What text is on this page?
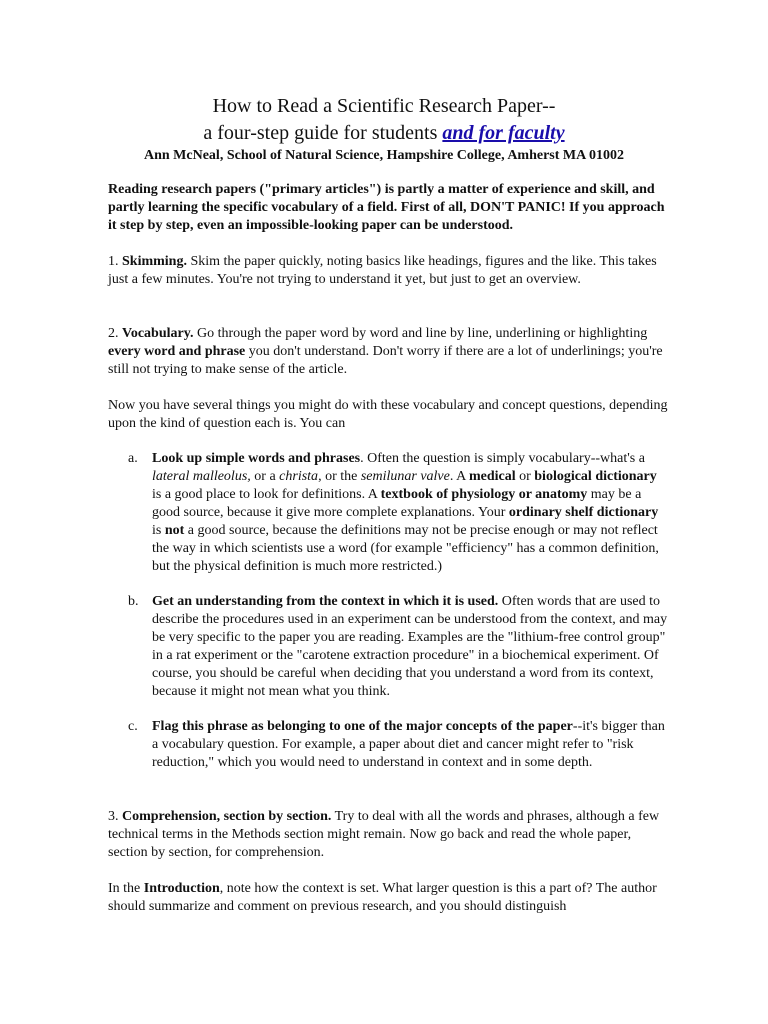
How to Read a Scientific Research Paper--
a four-step guide for students and for faculty
Ann McNeal, School of Natural Science, Hampshire College, Amherst MA 01002

Reading research papers ("primary articles") is partly a matter of experience and skill, and partly learning the specific vocabulary of a field. First of all, DON'T PANIC! If you approach it step by step, even an impossible-looking paper can be understood.

1. Skimming. Skim the paper quickly, noting basics like headings, figures and the like. This takes just a few minutes. You're not trying to understand it yet, but just to get an overview.

2. Vocabulary. Go through the paper word by word and line by line, underlining or highlighting every word and phrase you don't understand. Don't worry if there are a lot of underlinings; you're still not trying to make sense of the article.

Now you have several things you might do with these vocabulary and concept questions, depending upon the kind of question each is. You can

a. Look up simple words and phrases. Often the question is simply vocabulary--what's a lateral malleolus, or a christa, or the semilunar valve. A medical or biological dictionary is a good place to look for definitions. A textbook of physiology or anatomy may be a good source, because it give more complete explanations. Your ordinary shelf dictionary is not a good source, because the definitions may not be precise enough or may not reflect the way in which scientists use a word (for example "efficiency" has a common definition, but the physical definition is much more restricted.)
b. Get an understanding from the context in which it is used. Often words that are used to describe the procedures used in an experiment can be understood from the context, and may be very specific to the paper you are reading. Examples are the "lithium-free control group" in a rat experiment or the "carotene extraction procedure" in a biochemical experiment. Of course, you should be careful when deciding that you understand a word from its context, because it might not mean what you think.
c. Flag this phrase as belonging to one of the major concepts of the paper--it's bigger than a vocabulary question. For example, a paper about diet and cancer might refer to "risk reduction," which you would need to understand in context and in some depth.

3. Comprehension, section by section. Try to deal with all the words and phrases, although a few technical terms in the Methods section might remain. Now go back and read the whole paper, section by section, for comprehension.

In the Introduction, note how the context is set. What larger question is this a part of? The author should summarize and comment on previous research, and you should distinguish
